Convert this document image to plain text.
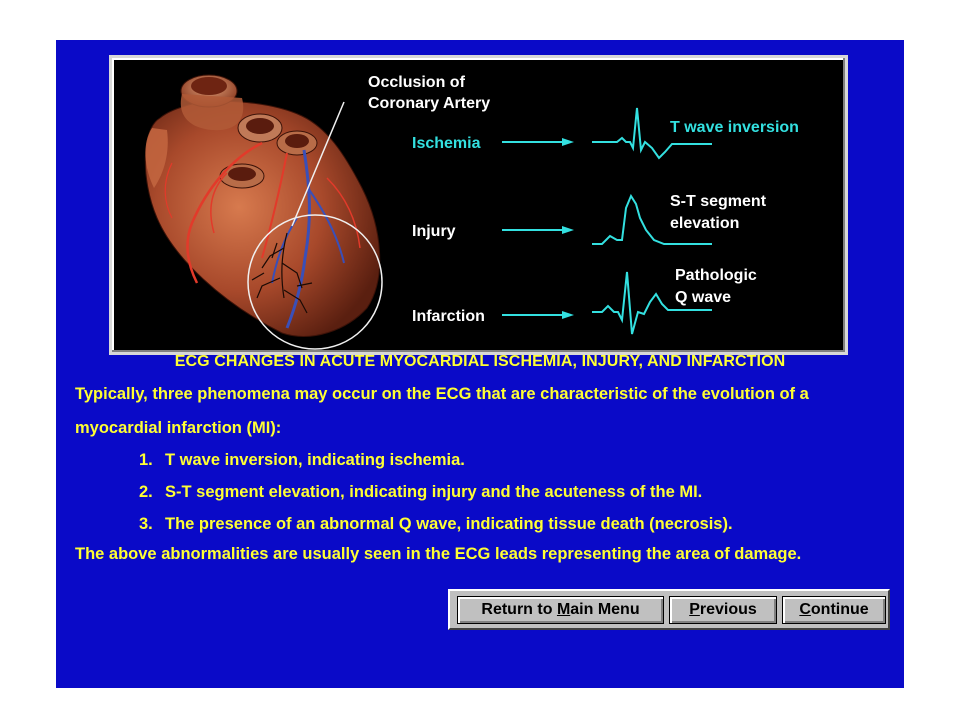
Occlusion of
Coronary Artery
Ischemia
T wave inversion
Injury
S-T segment
elevation
Infarction
Pathologic
Q wave
ECG CHANGES IN ACUTE MYOCARDIAL ISCHEMIA, INJURY, AND INFARCTION
Typically, three phenomena may occur on the ECG that are characteristic of the evolution of a
myocardial infarction (MI):
1. T wave inversion, indicating ischemia.
2. S-T segment elevation, indicating injury and the acuteness of the MI.
3. The presence of an abnormal Q wave, indicating tissue death (necrosis).
The above abnormalities are usually seen in the ECG leads representing the area of damage.
Return to Main Menu	Previous	Continue
